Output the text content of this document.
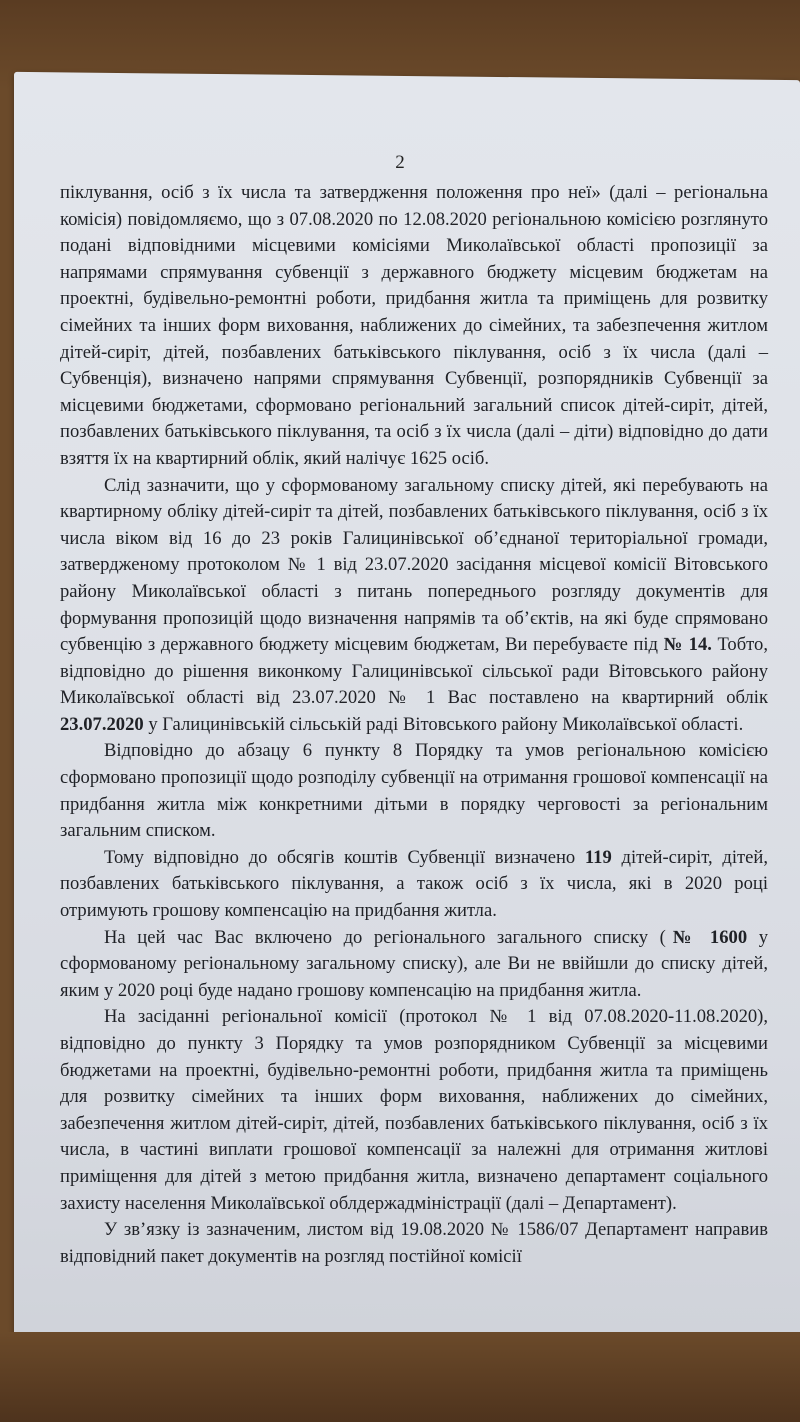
2

піклування, осіб з їх числа та затвердження положення про неї» (далі – регіональна комісія) повідомляємо, що з 07.08.2020 по 12.08.2020 регіональною комісією розглянуто подані відповідними місцевими комісіями Миколаївської області пропозиції за напрямами спрямування субвенції з державного бюджету місцевим бюджетам на проектні, будівельно-ремонтні роботи, придбання житла та приміщень для розвитку сімейних та інших форм виховання, наближених до сімейних, та забезпечення житлом дітей-сиріт, дітей, позбавлених батьківського піклування, осіб з їх числа (далі – Субвенція), визначено напрями спрямування Субвенції, розпорядників Субвенції за місцевими бюджетами, сформовано регіональний загальний список дітей-сиріт, дітей, позбавлених батьківського піклування, та осіб з їх числа (далі – діти) відповідно до дати взяття їх на квартирний облік, який налічує 1625 осіб.

Слід зазначити, що у сформованому загальному списку дітей, які перебувають на квартирному обліку дітей-сиріт та дітей, позбавлених батьківського піклування, осіб з їх числа віком від 16 до 23 років Галицинівської об’єднаної територіальної громади, затвердженому протоколом № 1 від 23.07.2020 засідання місцевої комісії Вітовського району Миколаївської області з питань попереднього розгляду документів для формування пропозицій щодо визначення напрямів та об’єктів, на які буде спрямовано субвенцію з державного бюджету місцевим бюджетам, Ви перебуваєте під № 14. Тобто, відповідно до рішення виконкому Галицинівської сільської ради Вітовського району Миколаївської області від 23.07.2020 № 1 Вас поставлено на квартирний облік 23.07.2020 у Галицинівській сільській раді Вітовського району Миколаївської області.

Відповідно до абзацу 6 пункту 8 Порядку та умов регіональною комісією сформовано пропозиції щодо розподілу субвенції на отримання грошової компенсації на придбання житла між конкретними дітьми в порядку черговості за регіональним загальним списком.

Тому відповідно до обсягів коштів Субвенції визначено 119 дітей-сиріт, дітей, позбавлених батьківського піклування, а також осіб з їх числа, які в 2020 році отримують грошову компенсацію на придбання житла.

На цей час Вас включено до регіонального загального списку (№ 1600 у сформованому регіональному загальному списку), але Ви не ввійшли до списку дітей, яким у 2020 році буде надано грошову компенсацію на придбання житла.

На засіданні регіональної комісії (протокол № 1 від 07.08.2020-11.08.2020), відповідно до пункту 3 Порядку та умов розпорядником Субвенції за місцевими бюджетами на проектні, будівельно-ремонтні роботи, придбання житла та приміщень для розвитку сімейних та інших форм виховання, наближених до сімейних, забезпечення житлом дітей-сиріт, дітей, позбавлених батьківського піклування, осіб з їх числа, в частині виплати грошової компенсації за належні для отримання житлові приміщення для дітей з метою придбання житла, визначено департамент соціального захисту населення Миколаївської облдержадміністрації (далі – Департамент).

У зв’язку із зазначеним, листом від 19.08.2020 № 1586/07 Департамент направив відповідний пакет документів на розгляд постійної комісії
